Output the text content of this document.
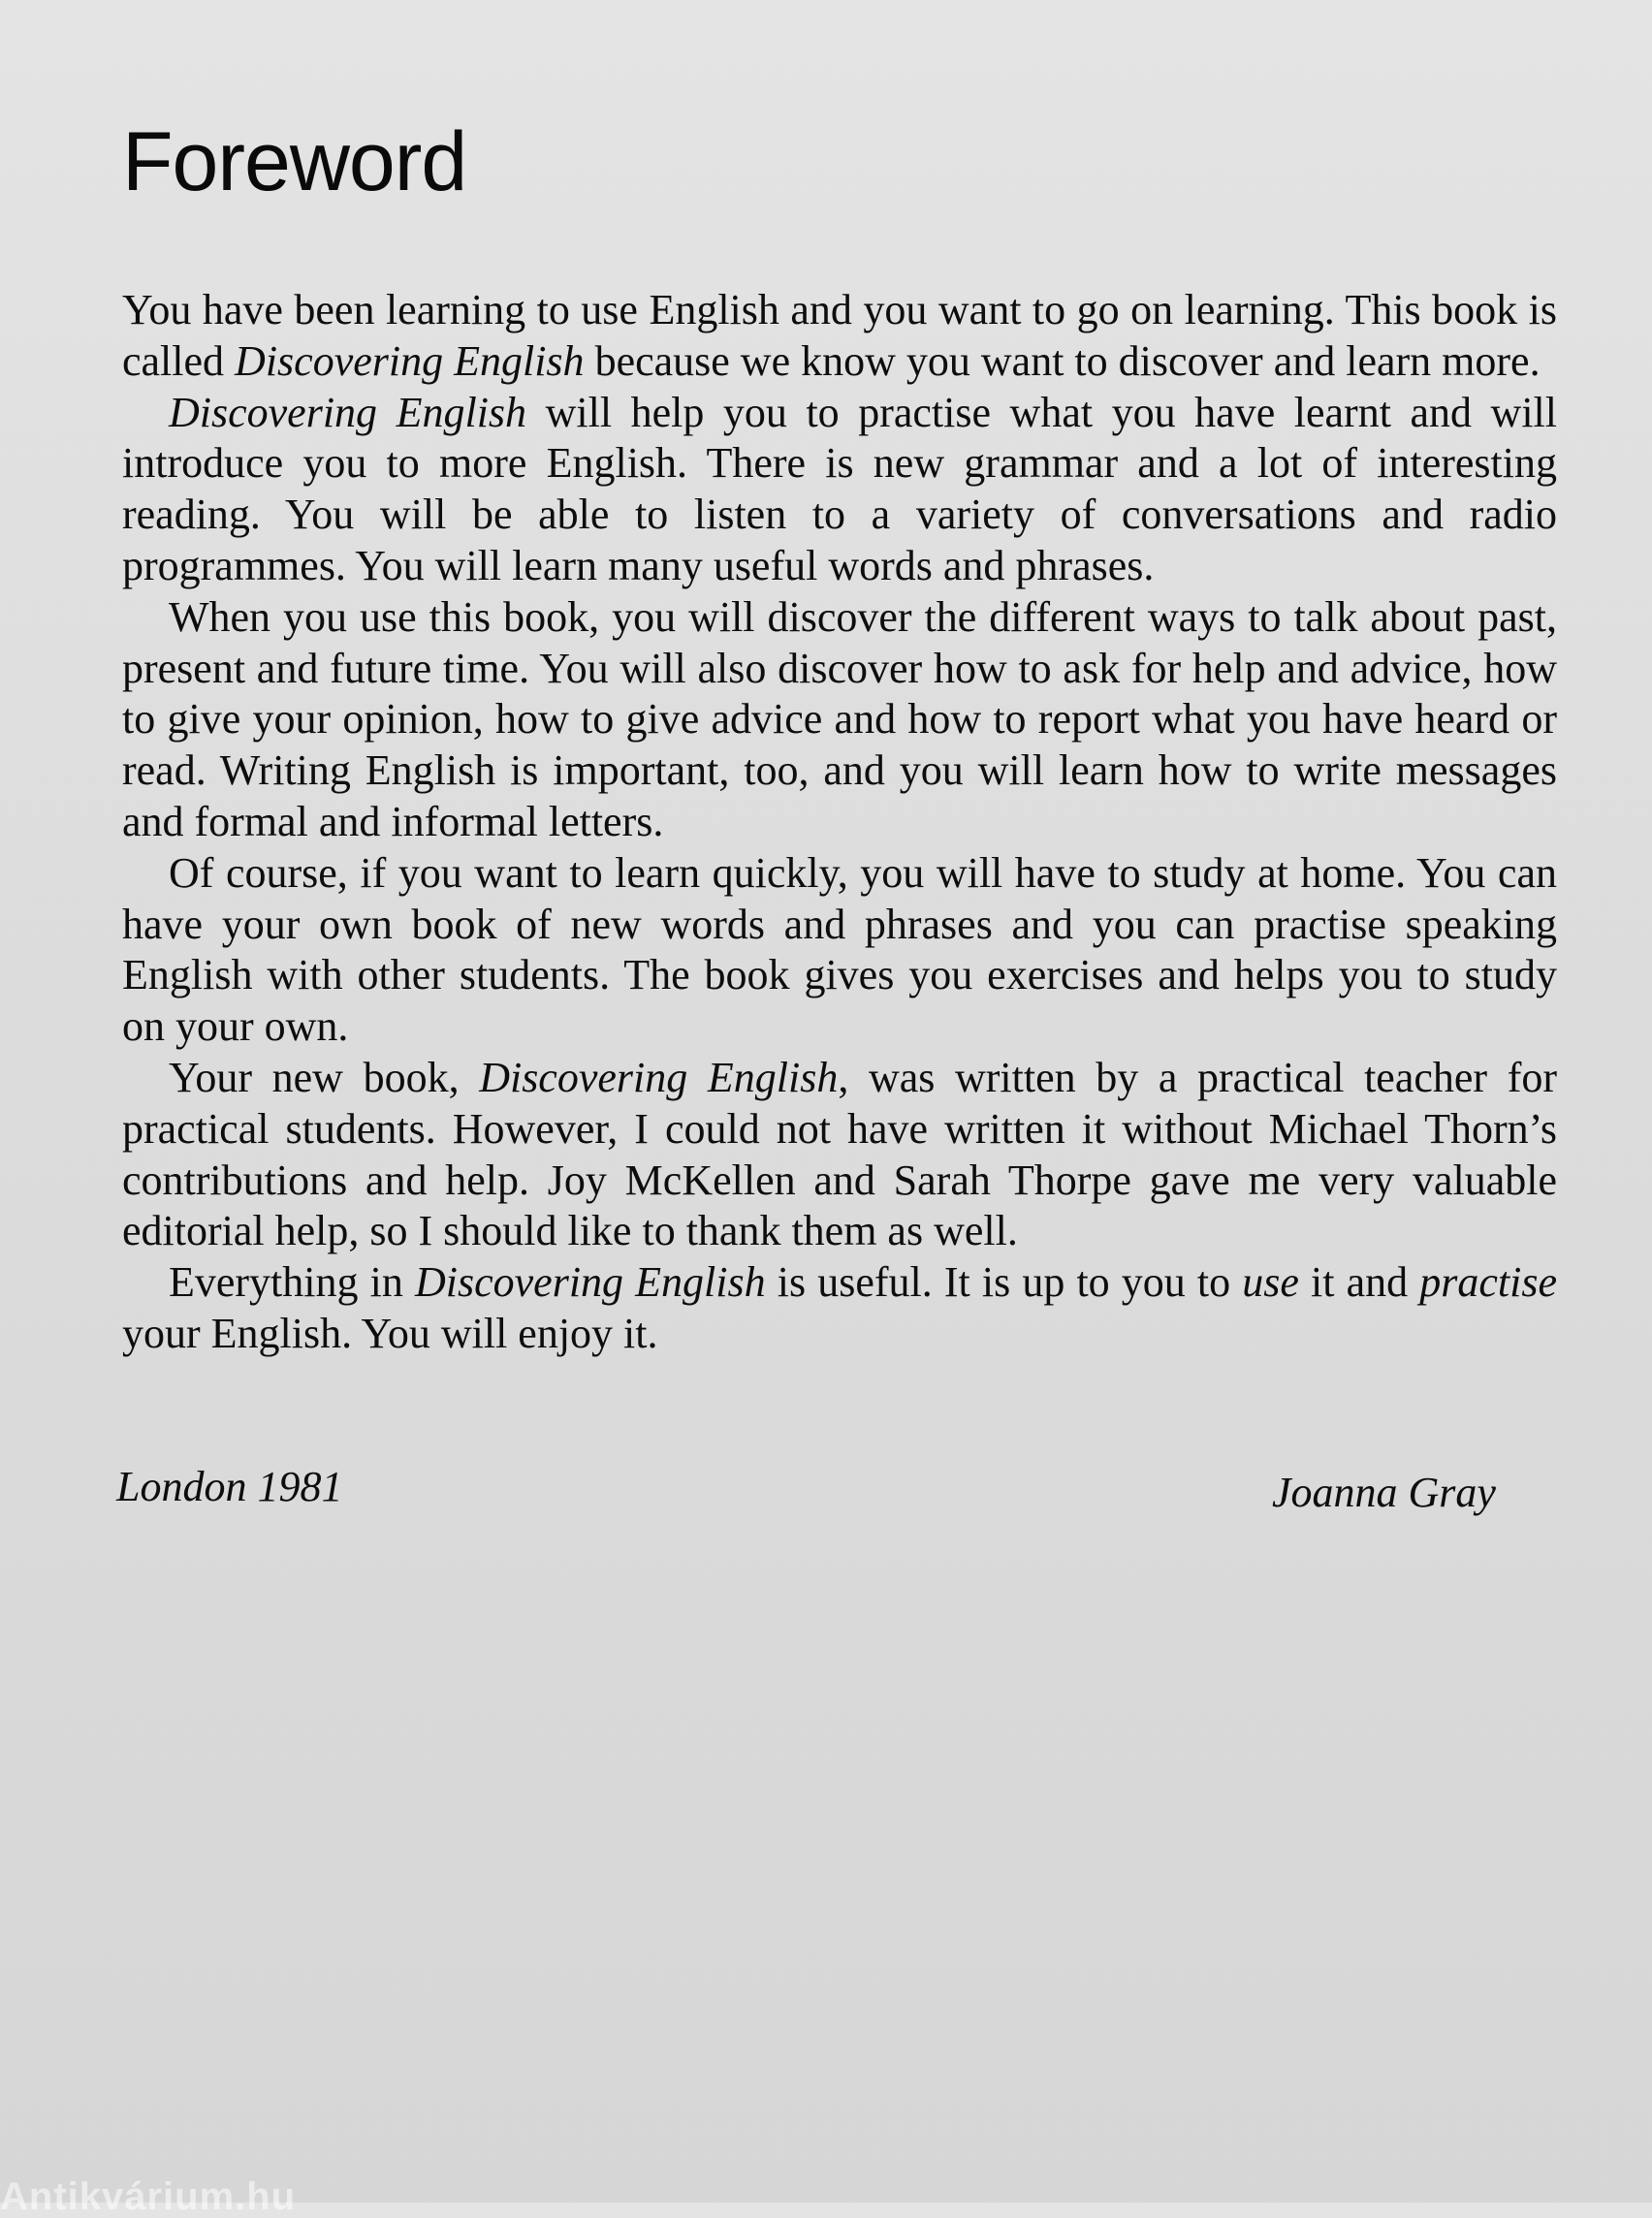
Foreword

You have been learning to use English and you want to go on learning. This book is called Discovering English because we know you want to discover and learn more.

Discovering English will help you to practise what you have learnt and will introduce you to more English. There is new grammar and a lot of interesting reading. You will be able to listen to a variety of conversations and radio programmes. You will learn many useful words and phrases.

When you use this book, you will discover the different ways to talk about past, present and future time. You will also discover how to ask for help and advice, how to give your opinion, how to give advice and how to report what you have heard or read. Writing English is important, too, and you will learn how to write messages and formal and informal letters.

Of course, if you want to learn quickly, you will have to study at home. You can have your own book of new words and phrases and you can practise speaking English with other students. The book gives you exercises and helps you to study on your own.

Your new book, Discovering English, was written by a practical teacher for practical students. However, I could not have written it without Michael Thorn’s contributions and help. Joy McKellen and Sarah Thorpe gave me very valuable editorial help, so I should like to thank them as well.

Everything in Discovering English is useful. It is up to you to use it and practise your English. You will enjoy it.

London 1981	Joanna Gray
Antikvárium.hu
